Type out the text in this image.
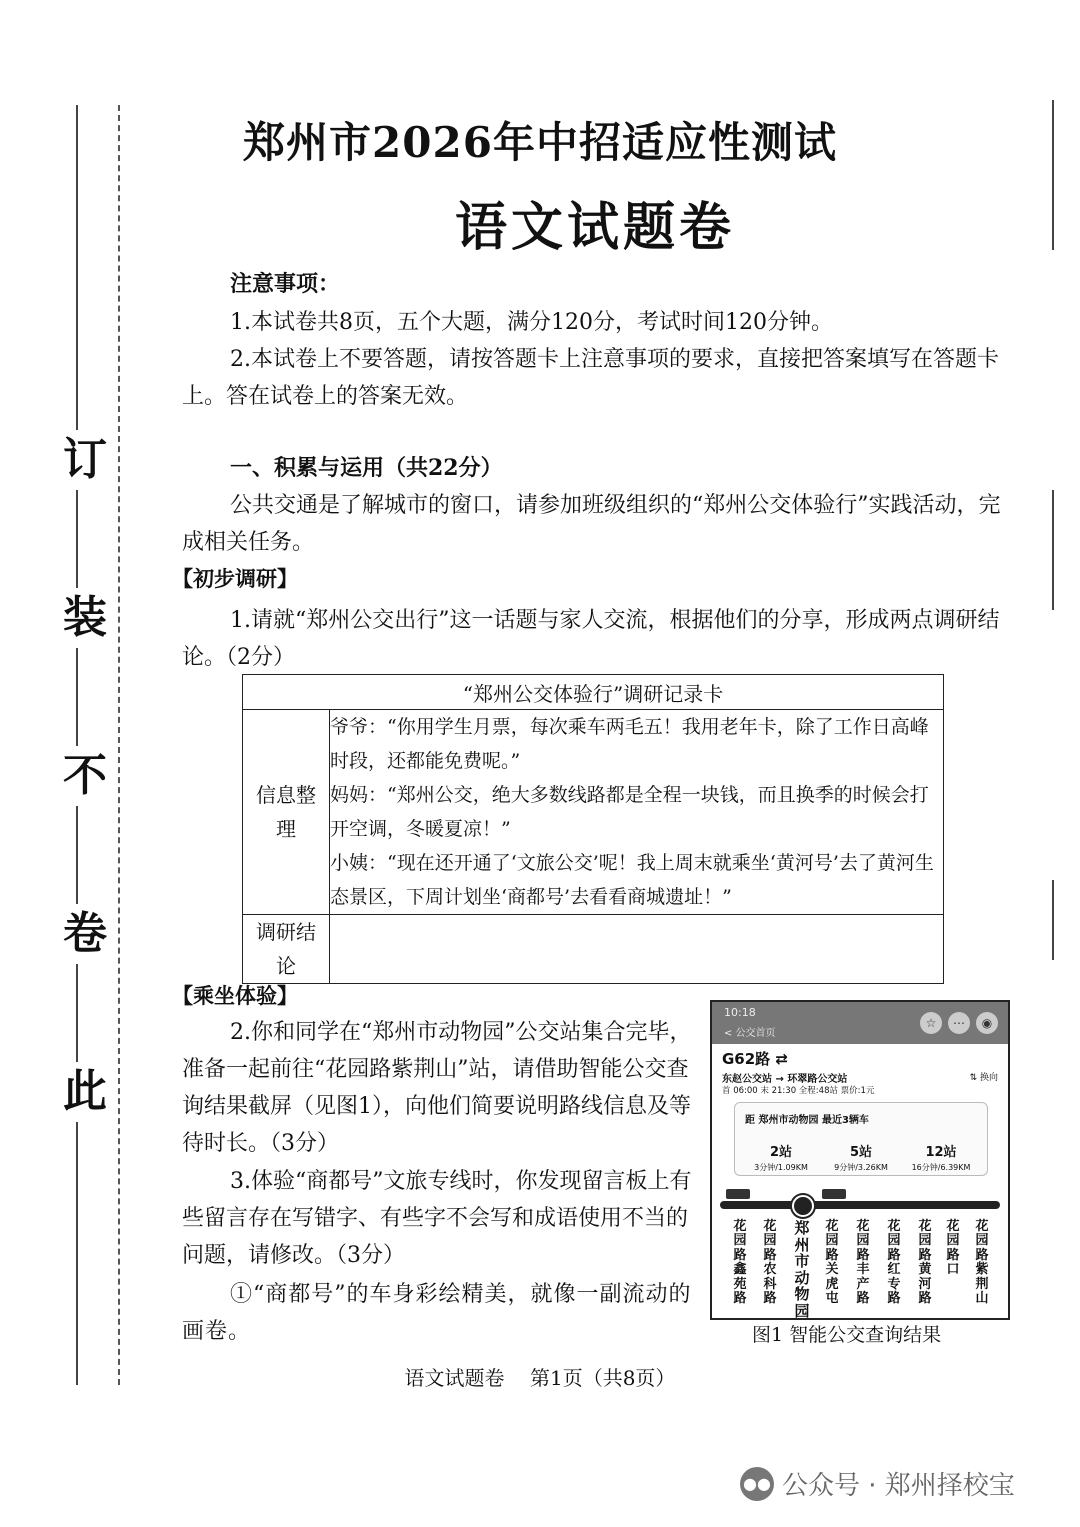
订
装
不
卷
此
郑州市2026年中招适应性测试
语文试题卷
注意事项：
1.本试卷共8页，五个大题，满分120分，考试时间120分钟。
2.本试卷上不要答题，请按答题卡上注意事项的要求，直接把答案填写在答题卡上。答在试卷上的答案无效。
一、积累与运用（共22分）
公共交通是了解城市的窗口，请参加班级组织的“郑州公交体验行”实践活动，完成相关任务。
【初步调研】
1.请就“郑州公交出行”这一话题与家人交流，根据他们的分享，形成两点调研结论。（2分）
“郑州公交体验行”调研记录卡	
信息整理	爷爷：“你用学生月票，每次乘车两毛五！我用老年卡，除了工作日高峰时段，还都能免费呢。”
妈妈：“郑州公交，绝大多数线路都是全程一块钱，而且换季的时候会打开空调，冬暖夏凉！”
小姨：“现在还开通了‘文旅公交’呢！我上周末就乘坐‘黄河号’去了黄河生态景区，下周计划坐‘商都号’去看看商城遗址！”

调研结论	
【乘坐体验】
2.你和同学在“郑州市动物园”公交站集合完毕，准备一起前往“花园路紫荆山”站，请借助智能公交查询结果截屏（见图1），向他们简要说明路线信息及等待时长。（3分）
3.体验“商都号”文旅专线时，你发现留言板上有些留言存在写错字、有些字不会写和成语使用不当的问题，请修改。（3分）
①“商都号”的车身彩绘精美，就像一副流动的画卷。
10:18
< 公交首页
☆	⋯	◉
G62路 ⇄
东赵公交站 → 环翠路公交站	⇅ 换向
首 06:00 末 21:30 全程:48站 票价:1元
距 郑州市动物园 最近3辆车
2站
3分钟/1.09KM
5站
9分钟/3.26KM
12站
16分钟/6.39KM
花园路鑫苑路
花园路农科路
郑州市动物园
花园路关虎屯
花园路丰产路
花园路红专路
花园路黄河路
花园路口
花园路紫荆山
图1 智能公交查询结果
语文试题卷    第1页（共8页）
●● 公众号 · 郑州择校宝
